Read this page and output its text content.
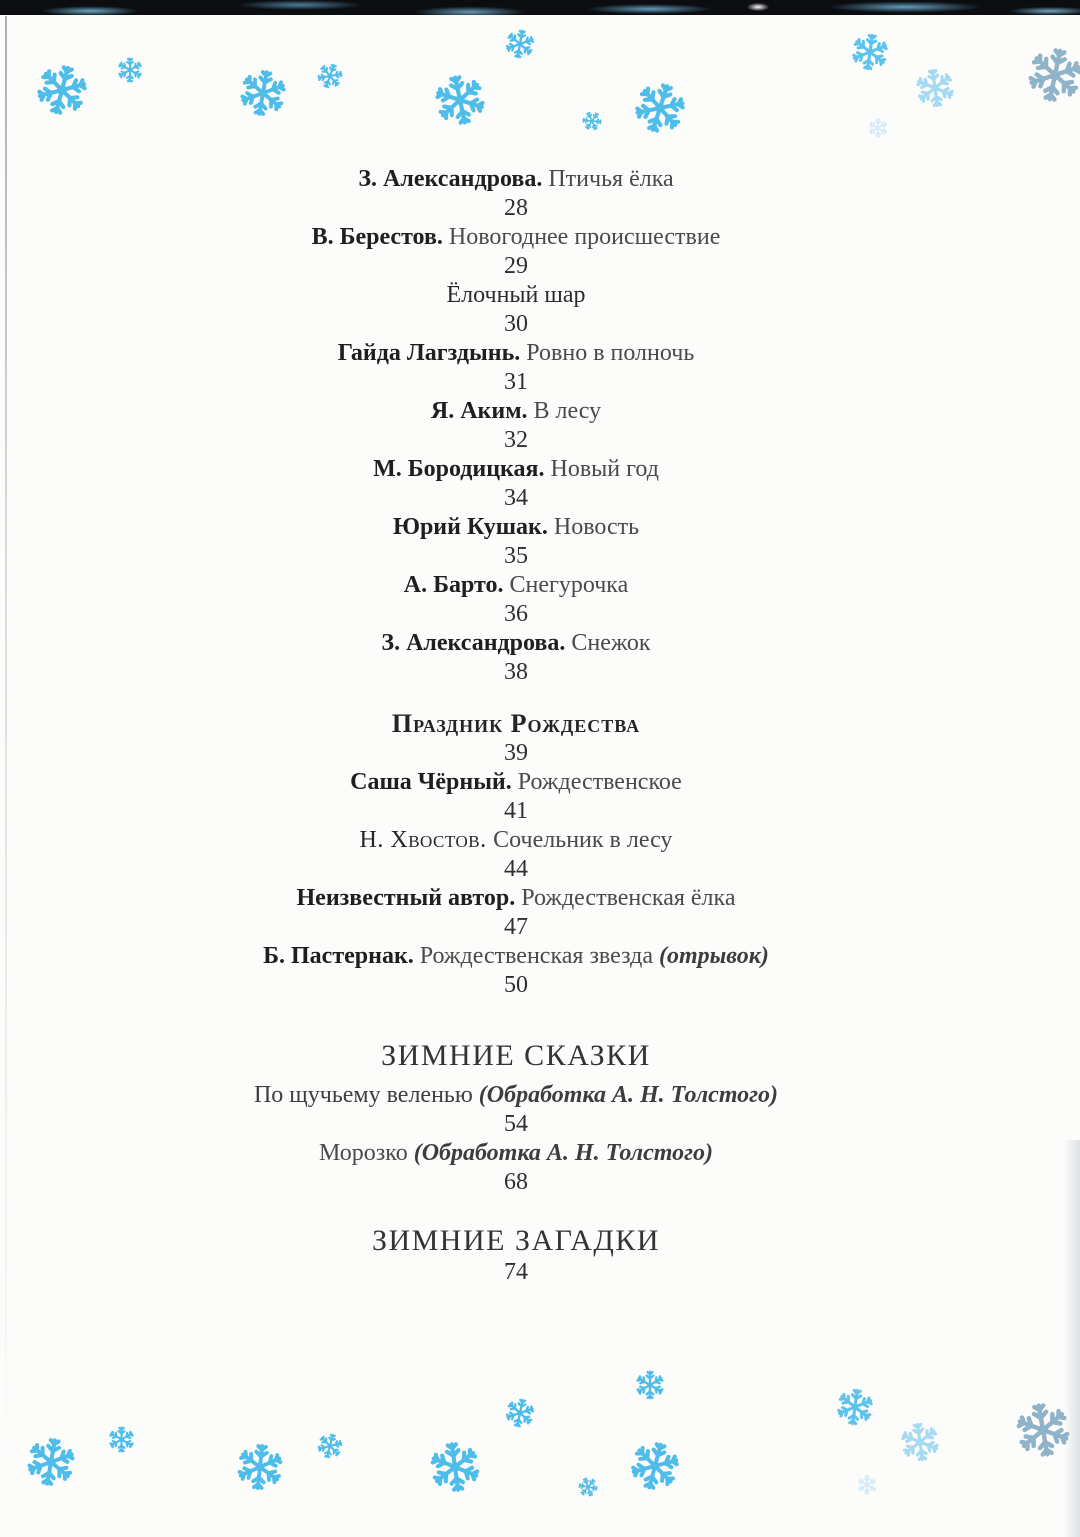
З. Александрова. Птичья ёлка
28
В. Берестов. Новогоднее происшествие
29
Ёлочный шар
30
Гайда Лагздынь. Ровно в полночь
31
Я. Аким. В лесу
32
М. Бородицкая. Новый год
34
Юрий Кушак. Новость
35
А. Барто. Снегурочка
36
З. Александрова. Снежок
38
Праздник Рождества
39
Саша Чёрный. Рождественское
41
Н. Хвостов. Сочельник в лесу
44
Неизвестный автор. Рождественская ёлка
47
Б. Пастернак. Рождественская звезда (отрывок)
50
ЗИМНИЕ СКАЗКИ
По щучьему веленью (Обработка А. Н. Толстого)
54
Морозко (Обработка А. Н. Толстого)
68
ЗИМНИЕ ЗАГАДКИ
74
